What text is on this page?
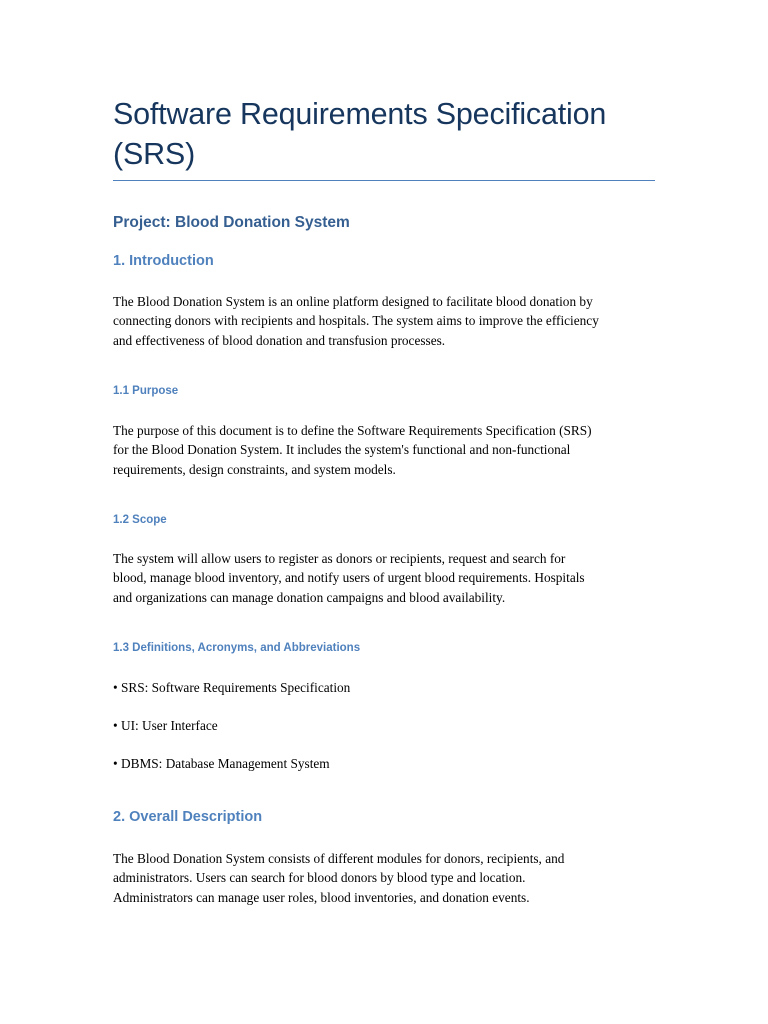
Software Requirements Specification
(SRS)
Project: Blood Donation System
1. Introduction

The Blood Donation System is an online platform designed to facilitate blood donation by
connecting donors with recipients and hospitals. The system aims to improve the efficiency
and effectiveness of blood donation and transfusion processes.

1.1 Purpose

The purpose of this document is to define the Software Requirements Specification (SRS)
for the Blood Donation System. It includes the system's functional and non-functional
requirements, design constraints, and system models.

1.2 Scope

The system will allow users to register as donors or recipients, request and search for
blood, manage blood inventory, and notify users of urgent blood requirements. Hospitals
and organizations can manage donation campaigns and blood availability.

1.3 Definitions, Acronyms, and Abbreviations

• SRS: Software Requirements Specification

• UI: User Interface

• DBMS: Database Management System

2. Overall Description

The Blood Donation System consists of different modules for donors, recipients, and
administrators. Users can search for blood donors by blood type and location.
Administrators can manage user roles, blood inventories, and donation events.
